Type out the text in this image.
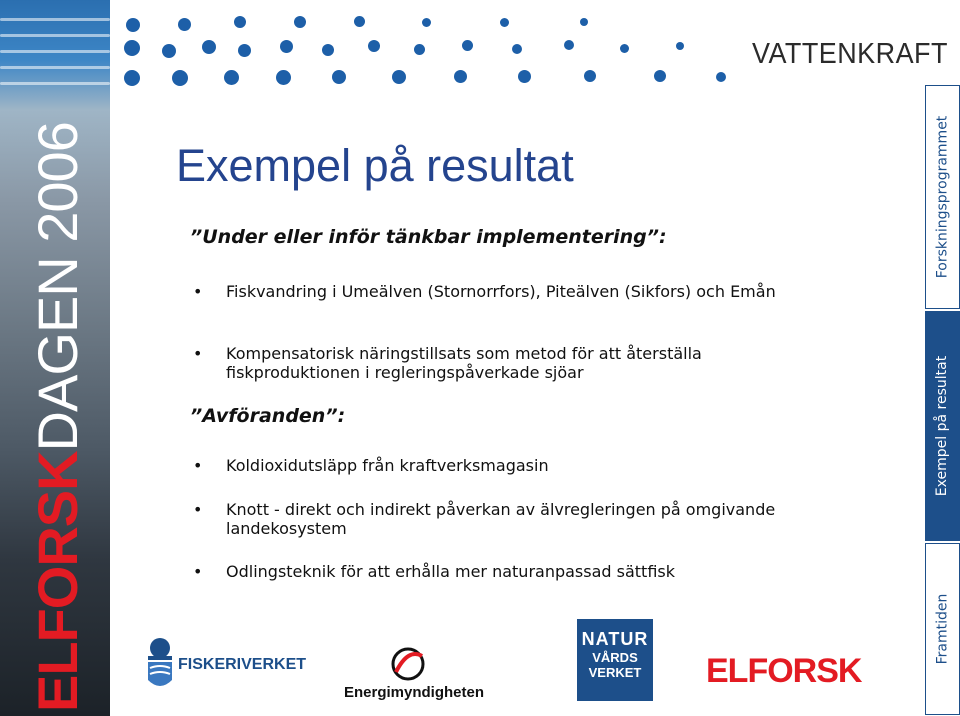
ELFORSKDAGEN 2006
VATTENKRAFT
Exempel på resultat

”Under eller inför tänkbar implementering”:

• Fiskvandring i Umeälven (Stornorrfors), Piteälven (Sikfors) och Emån
• Kompensatorisk näringstillsats som metod för att återställa fiskproduktionen i regleringspåverkade sjöar

”Avföranden”:

• Koldioxidutsläpp från kraftverksmagasin
• Knott - direkt och indirekt påverkan av älvregleringen på omgivande landekosystem
• Odlingsteknik för att erhålla mer naturanpassad sättfisk
Forskningsprogrammet
Exempel på resultat
Framtiden
FISKERIVERKET
Energimyndigheten
NATUR
VÅRDS
VERKET	ELFORSK
